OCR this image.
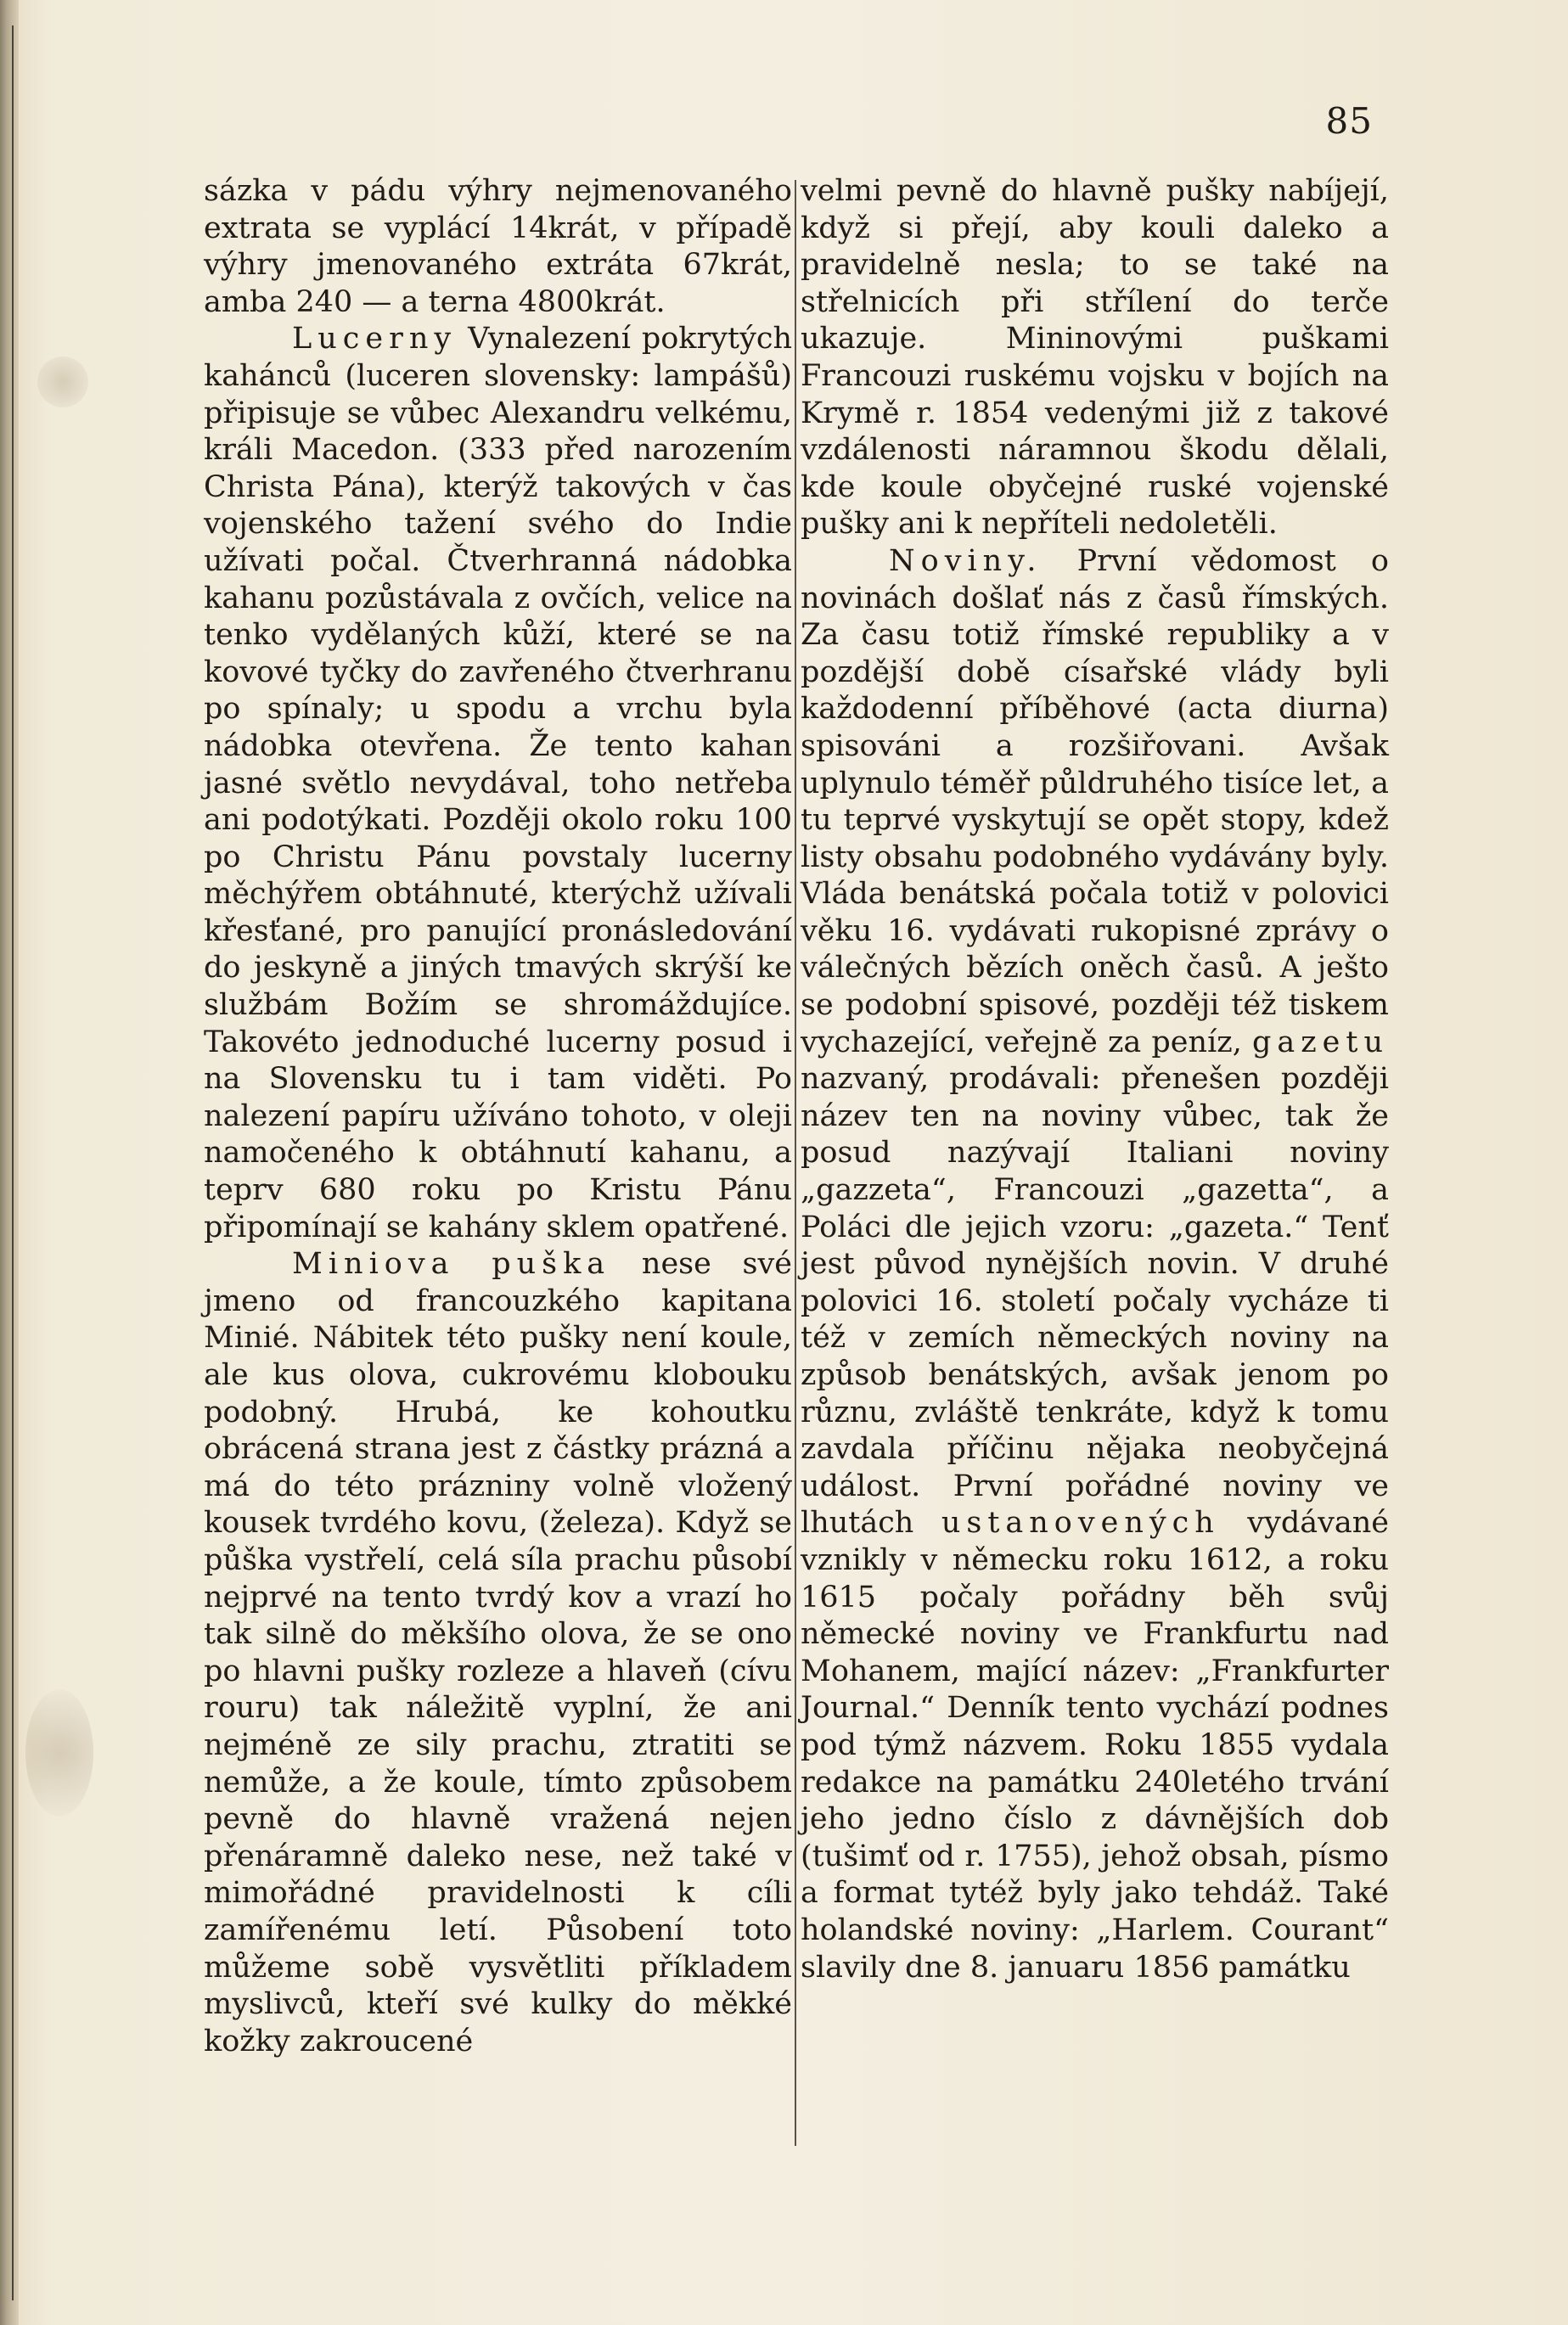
85

sázka v pádu výhry nejmenovaného extrata se vyplácí 14krát, v případě výhry jmenovaného extráta 67krát, amba 240 — a terna 4800krát.

Lucerny Vynalezení pokrytých kahánců (luceren slovensky: lampášů) připisuje se vůbec Alexandru velkému, králi Macedon. (333 před narozením Christa Pána), kterýž takových v čas vojenského tažení svého do Indie užívati počal. Čtverhranná nádobka kahanu pozůstávala z ovčích, velice na tenko vydělaných kůží, které se na kovové tyčky do zavřeného čtverhranu po spínaly; u spodu a vrchu byla nádobka otevřena. Že tento kahan jasné světlo nevydával, toho netřeba ani podotýkati. Později okolo roku 100 po Christu Pánu povstaly lucerny měchýřem obtáhnuté, kterýchž užívali křesťané, pro panující pronásledování do jeskyně a jiných tmavých skrýší ke službám Božím se shromáždujíce. Takovéto jednoduché lucerny posud i na Slovensku tu i tam viděti. Po nalezení papíru užíváno tohoto, v oleji namočeného k obtáhnutí kahanu, a teprv 680 roku po Kristu Pánu připomínají se kahány sklem opatřené.

Miniova puška nese své jmeno od francouzkého kapitana Minié. Nábitek této pušky není koule, ale kus olova, cukrovému klobouku podobný. Hrubá, ke kohoutku obrácená strana jest z částky prázná a má do této prázniny volně vložený kousek tvrdého kovu, (železa). Když se půška vystřelí, celá síla prachu působí nejprvé na tento tvrdý kov a vrazí ho tak silně do měkšího olova, že se ono po hlavni pušky rozleze a hlaveň (cívu rouru) tak náležitě vyplní, že ani nejméně ze sily prachu, ztratiti se nemůže, a že koule, tímto způsobem pevně do hlavně vražená nejen přenáramně daleko nese, než také v mimořádné pravidelnosti k cíli zamířenému letí. Působení toto můžeme sobě vysvětliti příkladem myslivců, kteří své kulky do měkké kožky zakroucené

velmi pevně do hlavně pušky nabíjejí, když si přejí, aby kouli daleko a pravidelně nesla; to se také na střelnicích při střílení do terče ukazuje. Mininovými puškami Francouzi ruskému vojsku v bojích na Krymě r. 1854 vedenými již z takové vzdálenosti náramnou škodu dělali, kde koule obyčejné ruské vojenské pušky ani k nepříteli nedoletěli.

Noviny. První vědomost o novinách došlať nás z časů římských. Za času totiž římské republiky a v pozdější době císařské vlády byli každodenní příběhové (acta diurna) spisováni a rozšiřovani. Avšak uplynulo téměř půldruhého tisíce let, a tu teprvé vyskytují se opět stopy, kdež listy obsahu podobného vydávány byly. Vláda benátská počala totiž v polovici věku 16. vydávati rukopisné zprávy o válečných bězích oněch časů. A ješto se podobní spisové, později též tiskem vychazející, veřejně za peníz, gazetu nazvaný, prodávali: přenešen později název ten na noviny vůbec, tak že posud nazývají Italiani noviny „gazzeta“, Francouzi „gazetta“, a Poláci dle jejich vzoru: „gazeta.“ Tenť jest původ nynějších novin. V druhé polovici 16. století počaly vycháze ti též v zemích německých noviny na způsob benátských, avšak jenom po různu, zvláště tenkráte, když k tomu zavdala příčinu nějaka neobyčejná událost. První pořádné noviny ve lhutách ustanovených vydávané vznikly v německu roku 1612, a roku 1615 počaly pořádny běh svůj německé noviny ve Frankfurtu nad Mohanem, mající název: „Frankfurter Journal.“ Denník tento vychází podnes pod týmž názvem. Roku 1855 vydala redakce na památku 240letého trvání jeho jedno číslo z dávnějších dob (tušimť od r. 1755), jehož obsah, písmo a format tytéž byly jako tehdáž. Také holandské noviny: „Harlem. Courant“ slavily dne 8. januaru 1856 památku
